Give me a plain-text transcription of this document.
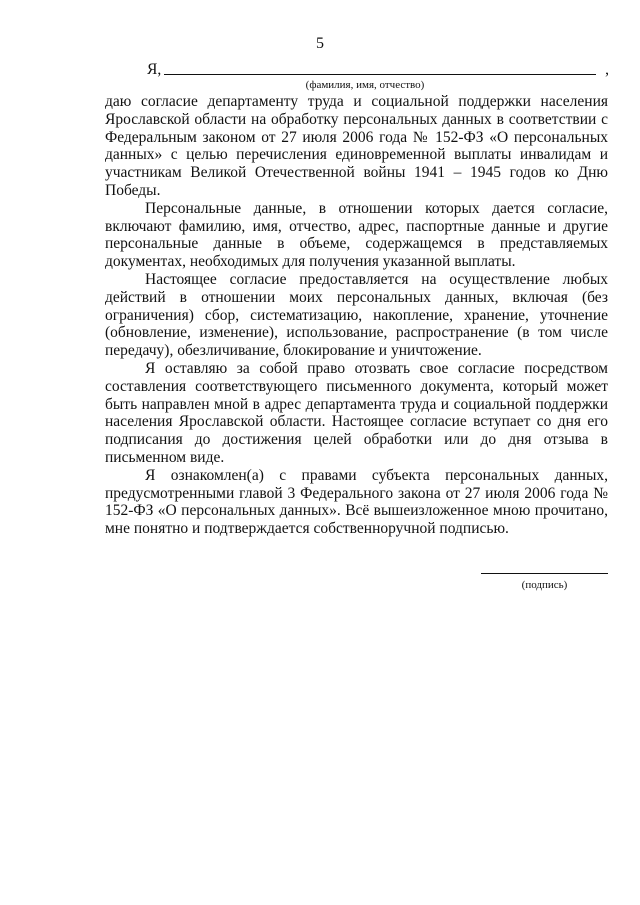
5
Я,	,
(фамилия, имя, отчество)

даю согласие департаменту труда и социальной поддержки населения Ярославской области на обработку персональных данных в соответствии с Федеральным законом от 27 июля 2006 года № 152-ФЗ «О персональных данных» с целью перечисления единовременной выплаты инвалидам и участникам Великой Отечественной войны 1941 – 1945 годов ко Дню Победы.

Персональные данные, в отношении которых дается согласие, включают фамилию, имя, отчество, адрес, паспортные данные и другие персональные данные в объеме, содержащемся в представляемых документах, необходимых для получения указанной выплаты.

Настоящее согласие предоставляется на осуществление любых действий в отношении моих персональных данных, включая (без ограничения) сбор, систематизацию, накопление, хранение, уточнение (обновление, изменение), использование, распространение (в том числе передачу), обезличивание, блокирование и уничтожение.

Я оставляю за собой право отозвать свое согласие посредством составления соответствующего письменного документа, который может быть направлен мной в адрес департамента труда и социальной поддержки населения Ярославской области. Настоящее согласие вступает со дня его подписания до достижения целей обработки или до дня отзыва в письменном виде.

Я ознакомлен(а) с правами субъекта персональных данных, предусмотренными главой 3 Федерального закона от 27 июля 2006 года № 152-ФЗ «О персональных данных». Всё вышеизложенное мною прочитано, мне понятно и подтверждается собственноручной подписью.

(подпись)
